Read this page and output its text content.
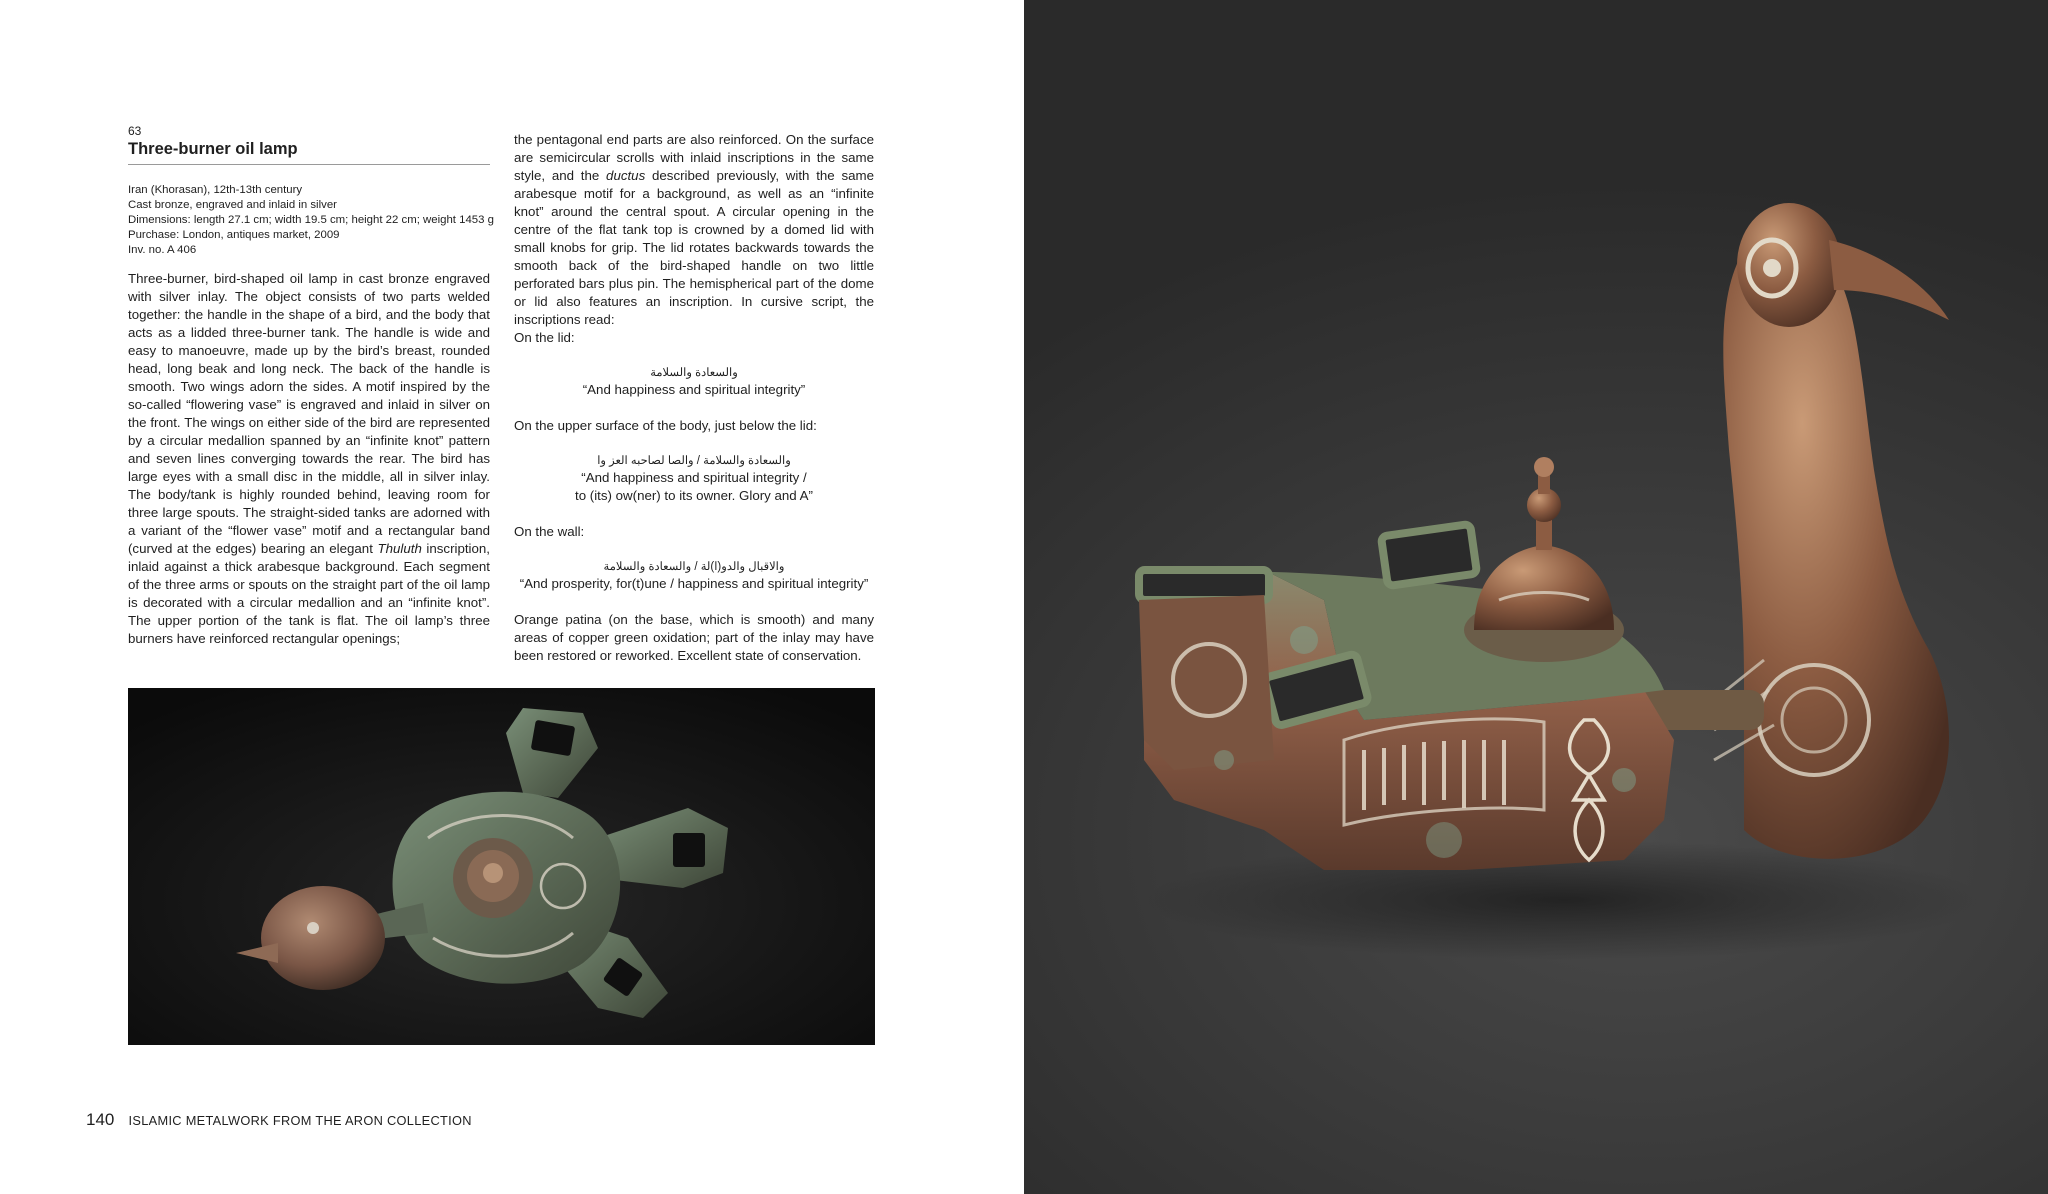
63
Three-burner oil lamp
Iran (Khorasan), 12th-13th century
Cast bronze, engraved and inlaid in silver
Dimensions: length 27.1 cm; width 19.5 cm; height 22 cm; weight 1453 g
Purchase: London, antiques market, 2009
Inv. no. A 406

Three-burner, bird-shaped oil lamp in cast bronze engraved with silver inlay. The object consists of two parts welded together: the handle in the shape of a bird, and the body that acts as a lidded three-burner tank. The handle is wide and easy to manoeuvre, made up by the bird’s breast, rounded head, long beak and long neck. The back of the handle is smooth. Two wings adorn the sides. A motif inspired by the so-called “flowering vase” is engraved and inlaid in silver on the front. The wings on either side of the bird are represented by a circular medallion spanned by an “infinite knot” pattern and seven lines converging towards the rear. The bird has large eyes with a small disc in the middle, all in silver inlay. The body/tank is highly rounded behind, leaving room for three large spouts. The straight-sided tanks are adorned with a variant of the “flower vase” motif and a rectangular band (curved at the edges) bearing an elegant Thuluth inscription, inlaid against a thick arabesque background. Each segment of the three arms or spouts on the straight part of the oil lamp is decorated with a circular medallion and an “infinite knot”. The upper portion of the tank is flat. The oil lamp’s three burners have reinforced rectangular openings;

the pentagonal end parts are also reinforced. On the surface are semicircular scrolls with inlaid inscriptions in the same style, and the ductus described previously, with the same arabesque motif for a background, as well as an “infinite knot” around the central spout. A circular opening in the centre of the flat tank top is crowned by a domed lid with small knobs for grip. The lid rotates backwards towards the smooth back of the bird-shaped handle on two little perforated bars plus pin. The hemispherical part of the dome or lid also features an inscription. In cursive script, the inscriptions read:

On the lid:

والسعادة والسلامة

“And happiness and spiritual integrity”

On the upper surface of the body, just below the lid:

والسعادة والسلامة / والصا لصاحبه العز وا

“And happiness and spiritual integrity /

to (its) ow(ner) to its owner. Glory and A”

On the wall:

والاقبال والدو(ا)لة / والسعادة والسلامة

“And prosperity, for(t)une / happiness and spiritual integrity”

Orange patina (on the base, which is smooth) and many areas of copper green oxidation; part of the inlay may have been restored or reworked. Excellent state of conservation.

140 ISLAMIC METALWORK FROM THE ARON COLLECTION
